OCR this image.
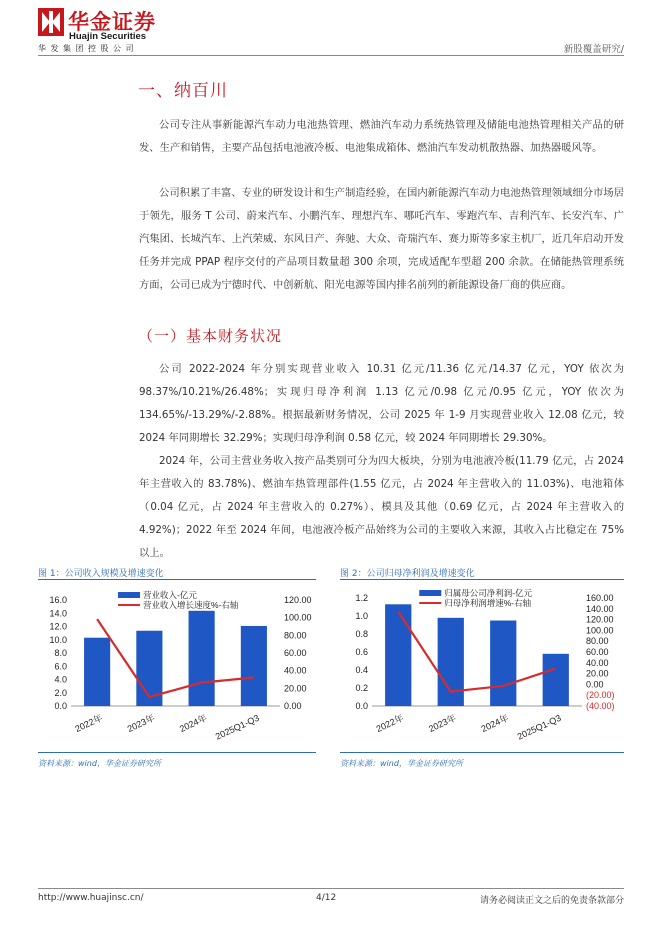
华金证券
Huajin Securities
华发集团控股公司	新股覆盖研究/
一、纳百川
公司专注从事新能源汽车动力电池热管理、燃油汽车动力系统热管理及储能电池热管理相关产品的研发、生产和销售，主要产品包括电池液冷板、电池集成箱体、燃油汽车发动机散热器、加热器暖风等。
公司积累了丰富、专业的研发设计和生产制造经验，在国内新能源汽车动力电池热管理领域细分市场居于领先，服务 T 公司、蔚来汽车、小鹏汽车、理想汽车、哪吒汽车、零跑汽车、吉利汽车、长安汽车、广汽集团、长城汽车、上汽荣威、东风日产、奔驰、大众、奇瑞汽车、赛力斯等多家主机厂，近几年启动开发任务并完成 PPAP 程序交付的产品项目数量超 300 余项，完成适配车型超 200 余款。在储能热管理系统方面，公司已成为宁德时代、中创新航、阳光电源等国内排名前列的新能源设备厂商的供应商。
（一）基本财务状况
公司 2022-2024 年分别实现营业收入 10.31 亿元/11.36 亿元/14.37 亿元，YOY 依次为98.37%/10.21%/26.48%；实现归母净利润 1.13 亿元/0.98 亿元/0.95 亿元，YOY 依次为134.65%/-13.29%/-2.88%。根据最新财务情况，公司 2025 年 1-9 月实现营业收入 12.08 亿元，较 2024 年同期增长 32.29%；实现归母净利润 0.58 亿元，较 2024 年同期增长 29.30%。
2024 年，公司主营业务收入按产品类别可分为四大板块，分别为电池液冷板(11.79 亿元，占 2024 年主营收入的 83.78%)、燃油车热管理部件(1.55 亿元，占 2024 年主营收入的 11.03%)、电池箱体（0.04 亿元，占 2024 年主营收入的 0.27%）、模具及其他（0.69 亿元，占 2024 年主营收入的 4.92%)；2022 年至 2024 年间，电池液冷板产品始终为公司的主要收入来源，其收入占比稳定在 75%以上。
图 1：公司收入规模及增速变化	图 2：公司归母净利润及增速变化
0.0
2.0
4.0
6.0
8.0
10.0
12.0
14.0
16.0
0.00
20.00
40.00
60.00
80.00
100.00
120.00
2022年 2023年 2024年 2025Q1-Q3
营业收入-亿元
营业收入增长速度%-右轴
0.0
0.2
0.4
0.6
0.8
1.0
1.2
(40.00)
(20.00)
0.00
20.00
40.00
60.00
80.00
100.00
120.00
140.00
160.00
2022年 2023年 2024年 2025Q1-Q3
归属母公司净利润-亿元
归母净利润增速%-右轴
资料来源：wind，华金证券研究所	资料来源：wind，华金证券研究所
http://www.huajinsc.cn/	4/12	请务必阅读正文之后的免责条款部分
